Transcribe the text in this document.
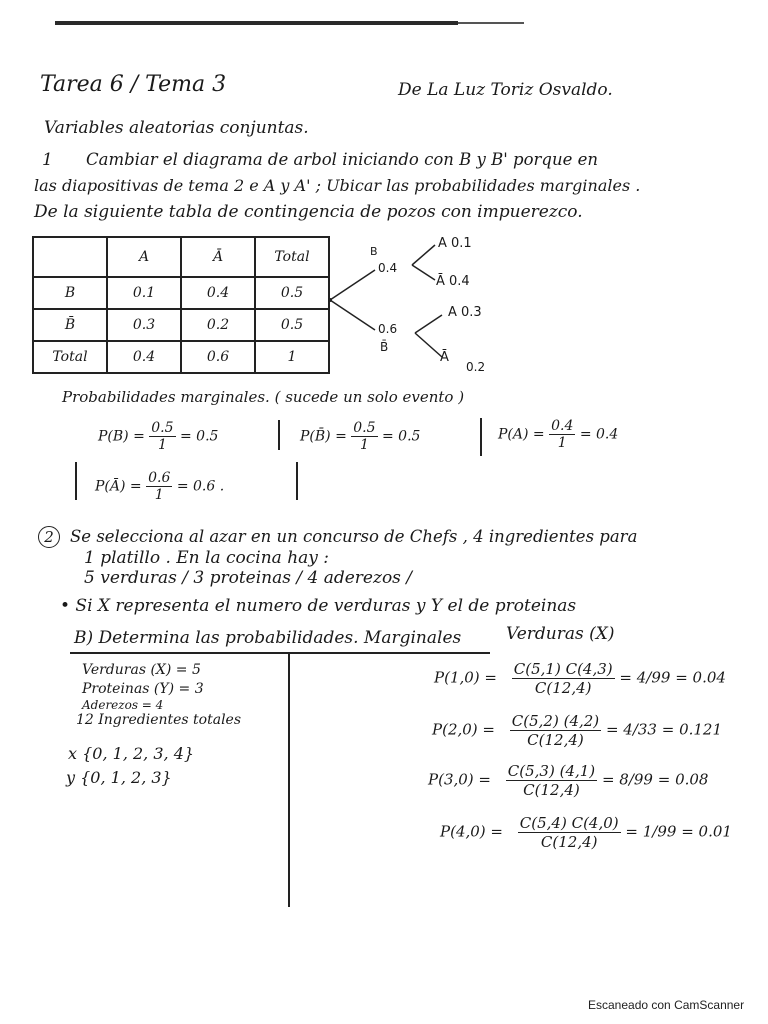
Tarea 6 / Tema 3	De La Luz Toriz Osvaldo.
Variables aleatorias conjuntas.
1 Cambiar el diagrama de arbol iniciando con B y B' porque en
las diapositivas de tema 2 e A y A' ; Ubicar las probabilidades marginales .
De la siguiente tabla de contingencia de pozos con impuerezco.
	A	Ā	Total
B	0.1	0.4	0.5
B̄	0.3	0.2	0.5
Total	0.4	0.6	1
B
0.4
A 0.1
Ā 0.4
0.6
B̄
A 0.3
Ā
0.2
Probabilidades marginales. ( sucede un solo evento )
$P(B) = \frac{0.5}{1} = 0.5$	P(B̄) = $\frac{0.5}{1} = 0.5$	$P(A) = \frac{0.4}{1} = 0.4$
P(Ā) = $\frac{0.6}{1} = 0.6$ .
2 Se selecciona al azar en un concurso de Chefs , 4 ingredientes para
1 platillo . En la cocina hay :
5 verduras / 3 proteinas / 4 aderezos /
• Si X representa el numero de verduras y Y el de proteinas
B) Determina las probabilidades. Marginales	Verduras (X)
Verduras (X) = 5
Proteinas (Y) = 3
Aderezos = 4
12 Ingredientes totales
x {0, 1, 2, 3, 4}
y {0, 1, 2, 3}
$P(1,0) = \frac{C(5,1) C(4,3)}{C(12,4)} = 4/99 = 0.04$
$P(2,0) = \frac{C(5,2) (4,2)}{C(12,4)} = 4/33 = 0.121$
$P(3,0) = \frac{C(5,3) (4,1)}{C(12,4)} = 8/99 = 0.08$
$P(4,0) = \frac{C(5,4) C(4,0)}{C(12,4)} = 1/99 = 0.01$
Escaneado con CamScanner
